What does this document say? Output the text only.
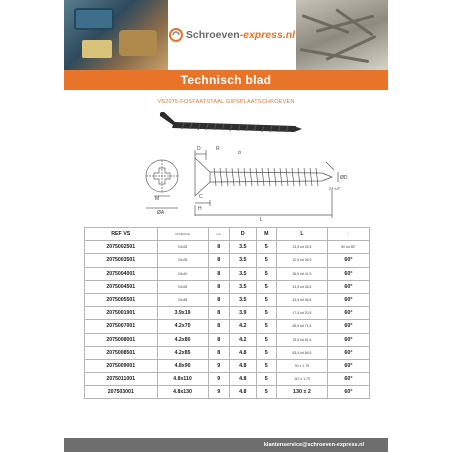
Schroeven-express.nl
Technisch blad
VS2075-FOSFAATSTAAL GIPSPLAATSCHROEVEN
M
ØA
D	R
α
ØD
23°±2°
C
H
L
REF VS	DIMENSIE	mm	D	M	L	°
2075002501	3.5x25	8	3.5	5	23,5 tot 26,5	60 tot 55°
2075003501	3.5x35	8	3.5	5	32,5 tot 36,5	60°
2075004001	3.5x40	8	3.5	5	36,5 tot 41,5	60°
2075004501	3.5x45	8	3.5	5	43,5 tot 46,5	60°
2075005501	3.5x55	8	3.5	5	43,5 tot 46,5	60°
2075001901	3.9x19	8	3.9	5	17,5 tot 20,5	60°
2075007001	4.2x70	8	4.2	5	68,5 tot 71,5	60°
2075008001	4.2x80	8	4.2	5	78,5 tot 81,5	60°
2075008501	4.2x85	8	4.8	5	83,5 tot 86,5	60°
2075009001	4.8x90	9	4.8	5	90 ± 1.75	60°
2075011001	4.8x110	9	4.8	5	110 ± 1.75	60°
207503001	4.8x130	9	4.8	5	130 ± 2	60°
klantenservice@schroeven-express.nl
